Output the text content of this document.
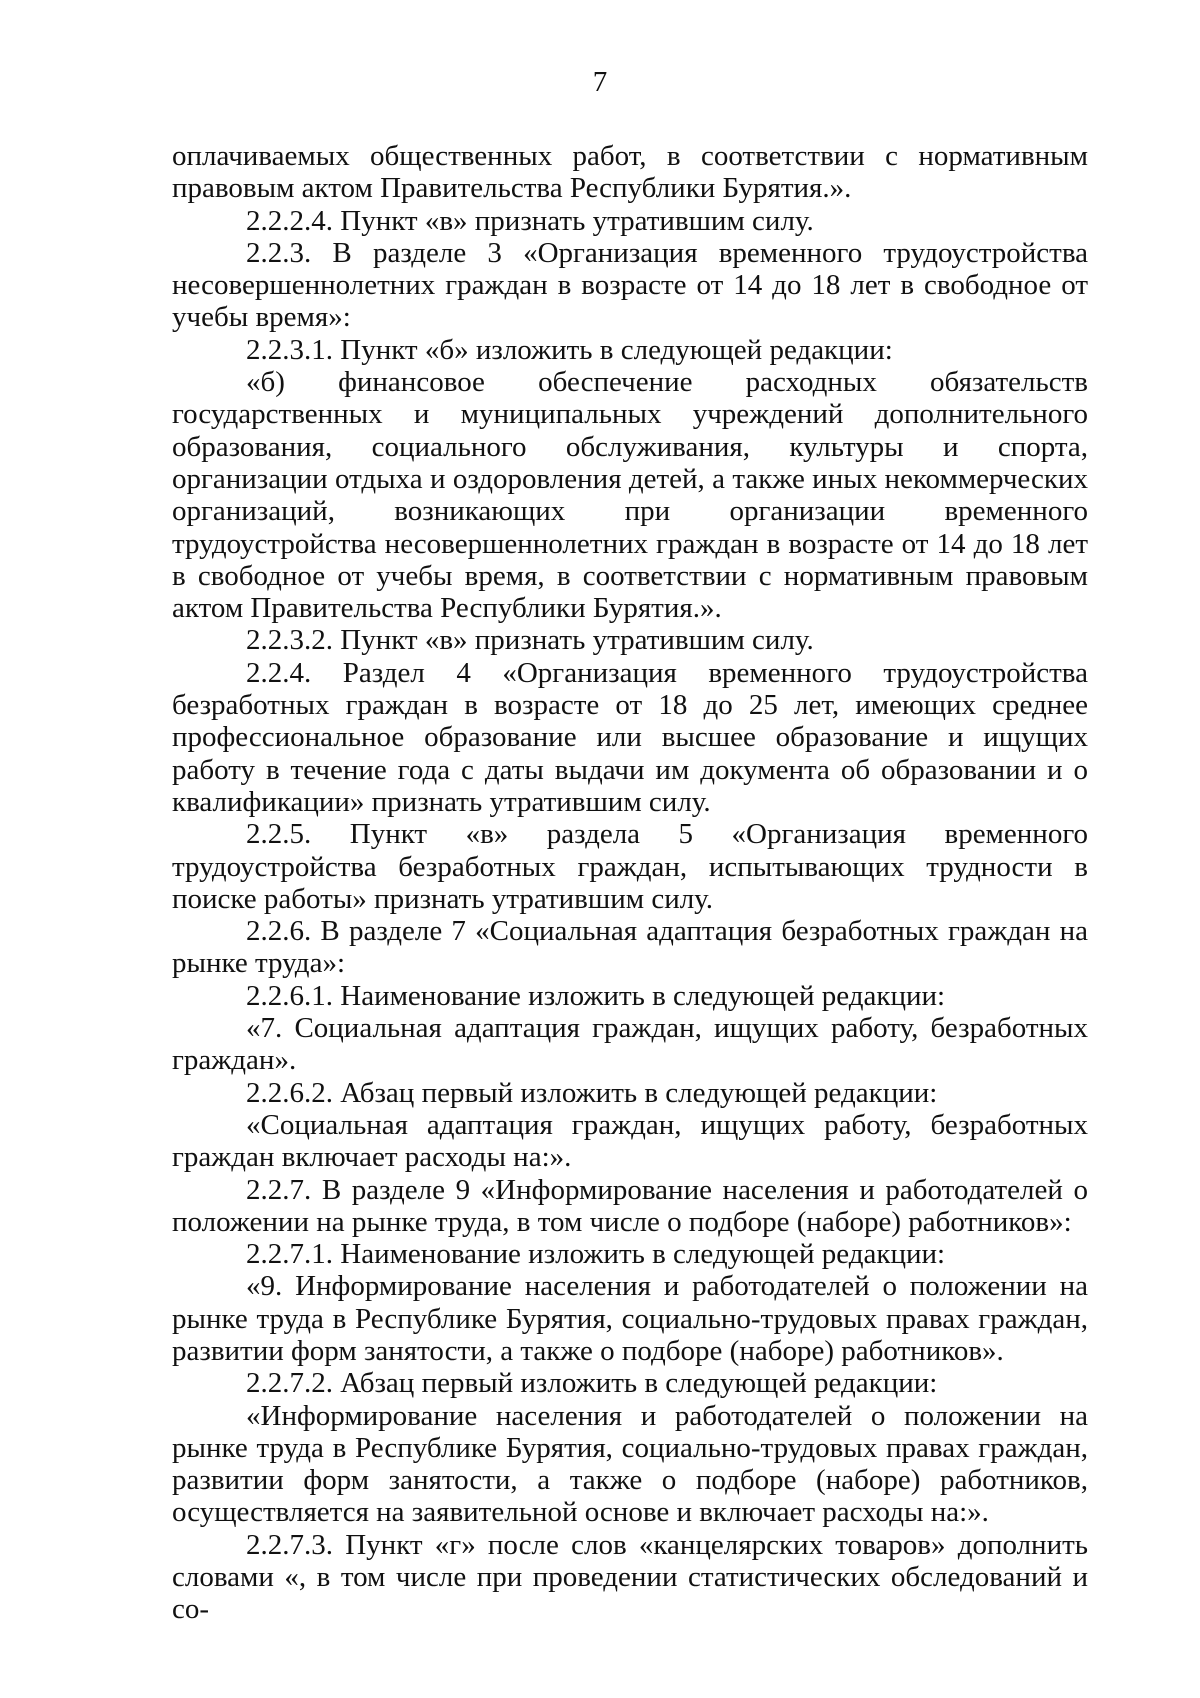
7

оплачиваемых общественных работ, в соответствии с нормативным правовым актом Правительства Республики Бурятия.».

2.2.2.4. Пункт «в» признать утратившим силу.

2.2.3. В разделе 3 «Организация временного трудоустройства несовершеннолетних граждан в возрасте от 14 до 18 лет в свободное от учебы время»:

2.2.3.1. Пункт «б» изложить в следующей редакции:

«б) финансовое обеспечение расходных обязательств государственных и муниципальных учреждений дополнительного образования, социального обслуживания, культуры и спорта, организации отдыха и оздоровления детей, а также иных некоммерческих организаций, возникающих при организации временного трудоустройства несовершеннолетних граждан в возрасте от 14 до 18 лет в свободное от учебы время, в соответствии с нормативным правовым актом Правительства Республики Бурятия.».

2.2.3.2. Пункт «в» признать утратившим силу.

2.2.4. Раздел 4 «Организация временного трудоустройства безработных граждан в возрасте от 18 до 25 лет, имеющих среднее профессиональное образование или высшее образование и ищущих работу в течение года с даты выдачи им документа об образовании и о квалификации» признать утратившим силу.

2.2.5. Пункт «в» раздела 5 «Организация временного трудоустройства безработных граждан, испытывающих трудности в поиске работы» признать утратившим силу.

2.2.6. В разделе 7 «Социальная адаптация безработных граждан на рынке труда»:

2.2.6.1. Наименование изложить в следующей редакции:

«7. Социальная адаптация граждан, ищущих работу, безработных граждан».

2.2.6.2. Абзац первый изложить в следующей редакции:

«Социальная адаптация граждан, ищущих работу, безработных граждан включает расходы на:».

2.2.7. В разделе 9 «Информирование населения и работодателей о положении на рынке труда, в том числе о подборе (наборе) работников»:

2.2.7.1. Наименование изложить в следующей редакции:

«9. Информирование населения и работодателей о положении на рынке труда в Республике Бурятия, социально-трудовых правах граждан, развитии форм занятости, а также о подборе (наборе) работников».

2.2.7.2. Абзац первый изложить в следующей редакции:

«Информирование населения и работодателей о положении на рынке труда в Республике Бурятия, социально-трудовых правах граждан, развитии форм занятости, а также о подборе (наборе) работников, осуществляется на заявительной основе и включает расходы на:».

2.2.7.3. Пункт «г» после слов «канцелярских товаров» дополнить словами «, в том числе при проведении статистических обследований и со-
